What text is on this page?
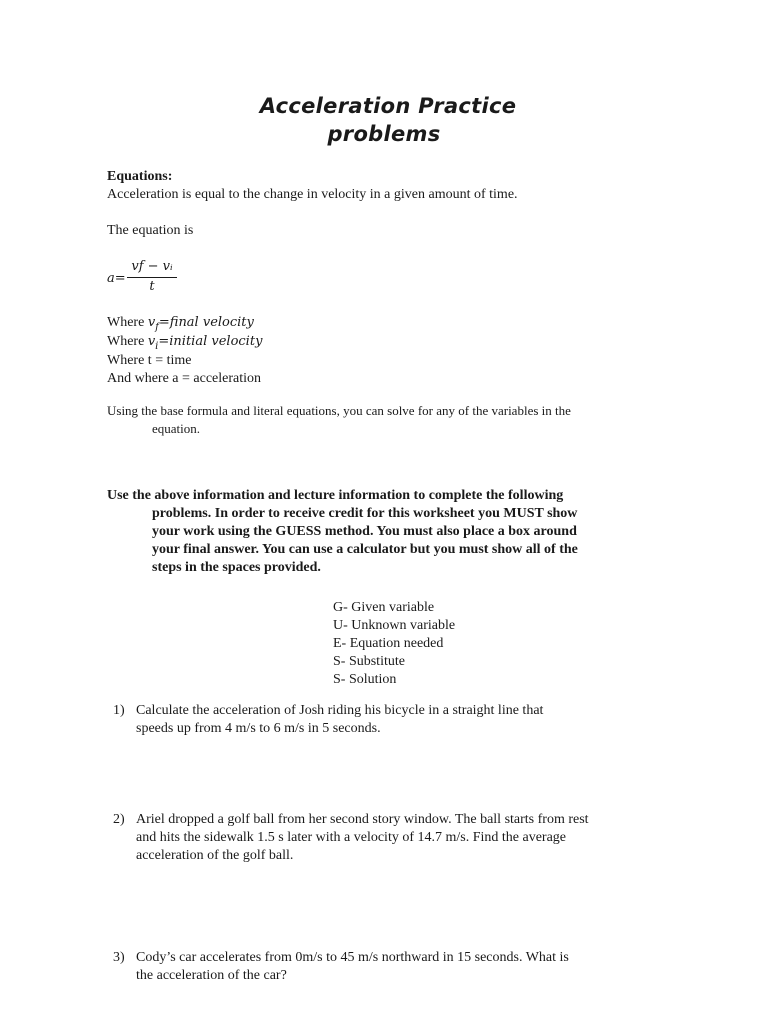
Acceleration Practice
problems
Equations:
Acceleration is equal to the change in velocity in a given amount of time.
The equation is
a=
vf − vᵢ
t
Where $v_f=final$ velocity
Where $v_i=initial$ velocity
Where t = time
And where a = acceleration
Using the base formula and literal equations, you can solve for any of the variables in the
equation.
Use the above information and lecture information to complete the following
problems. In order to receive credit for this worksheet you MUST show
your work using the GUESS method. You must also place a box around
your final answer. You can use a calculator but you must show all of the
steps in the spaces provided.
G- Given variable
U- Unknown variable
E- Equation needed
S- Substitute
S- Solution
1) Calculate the acceleration of Josh riding his bicycle in a straight line that
speeds up from 4 m/s to 6 m/s in 5 seconds.
2) Ariel dropped a golf ball from her second story window. The ball starts from rest
and hits the sidewalk 1.5 s later with a velocity of 14.7 m/s. Find the average
acceleration of the golf ball.
3) Cody’s car accelerates from 0m/s to 45 m/s northward in 15 seconds. What is
the acceleration of the car?
